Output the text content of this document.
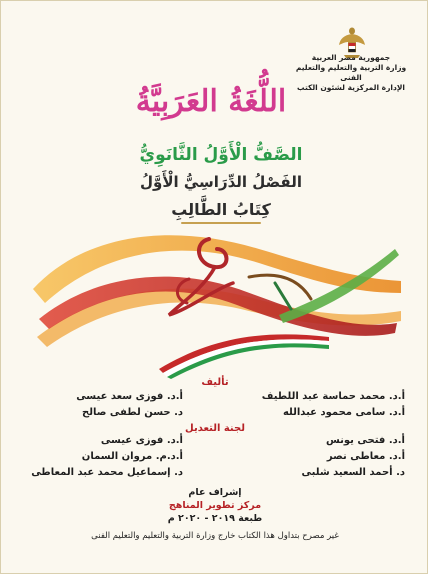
جمهورية مصر العربية
وزارة التربية والتعليم والتعليم الفنى
الإدارة المركزية لشئون الكتب
اللُّغَةُ العَرَبِيَّةُ
الصَّفُّ الْأَوَّلُ الثَّانَوِيُّ
الفَصْلُ الدِّرَاسِيُّ الْأَوَّلُ
كِتَابُ الطَّالِبِ
تأليف
أ.د. محمد حماسة عبد اللطيف
أ.د. فوزى سعد عيسى
أ.د. سامى محمود عبدالله
د. حسن لطفى صالح
لجنة التعديل
أ.د. فتحى يونس
أ.د. فوزى عيسى
أ.د. معاطى نصر
أ.د.م. مروان السمان
د. أحمد السعيد شلبى
د. إسماعيل محمد عبد المعاطى
إشراف عام
مركز تطوير المناهج
طبعة ٢٠١٩ - ٢٠٢٠ م
غير مصرح بتداول هذا الكتاب خارج وزارة التربية والتعليم والتعليم الفنى
